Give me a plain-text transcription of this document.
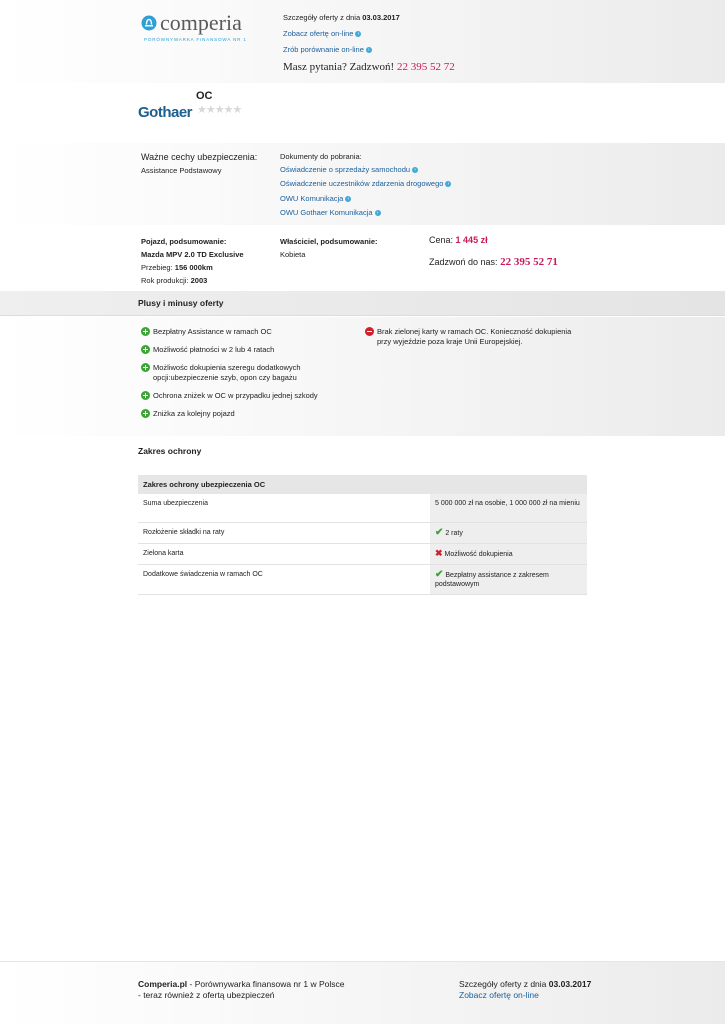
comperia
PORÓWNYWARKA FINANSOWA NR 1
Szczegóły oferty z dnia 03.03.2017
Zobacz ofertę on-line ›
Zrób porównanie on-line ›
Masz pytania? Zadzwoń! 22 395 52 72
Gothaer
OC
★★★★★
Ważne cechy ubezpieczenia:
Assistance Podstawowy
Dokumenty do pobrania:
Oświadczenie o sprzedaży samochodu ›
Oświadczenie uczestników zdarzenia drogowego ›
OWU Komunikacja ›
OWU Gothaer Komunikacja ›
Pojazd, podsumowanie:
Mazda MPV 2.0 TD Exclusive
Przebieg: 156 000km
Rok produkcji: 2003
Właściciel, podsumowanie:
Kobieta
Cena: 1 445 zł
Zadzwoń do nas: 22 395 52 71
Plusy i minusy oferty
Bezpłatny Assistance w ramach OC
Możliwość płatności w 2 lub 4 ratach
Możliwośc dokupienia szeregu dodatkowych opcji:ubezpieczenie szyb, opon czy bagażu
Ochrona zniżek w OC w przypadku jednej szkody
Zniżka za kolejny pojazd
Brak zielonej karty w ramach OC. Konieczność dokupienia przy wyjeździe poza kraje Unii Europejskiej.
Zakres ochrony
Zakres ochrony ubezpieczenia OC	
Suma ubezpieczenia	5 000 000 zł na osobie, 1 000 000 zł na mieniu
Rozłożenie składki na raty	✔ 2 raty
Zielona karta	✖ Możliwość dokupienia
Dodatkowe świadczenia w ramach OC	✔ Bezpłatny assistance z zakresem podstawowym
Comperia.pl - Porównywarka finansowa nr 1 w Polsce
- teraz również z ofertą ubezpieczeń
Szczegóły oferty z dnia 03.03.2017
Zobacz ofertę on-line
